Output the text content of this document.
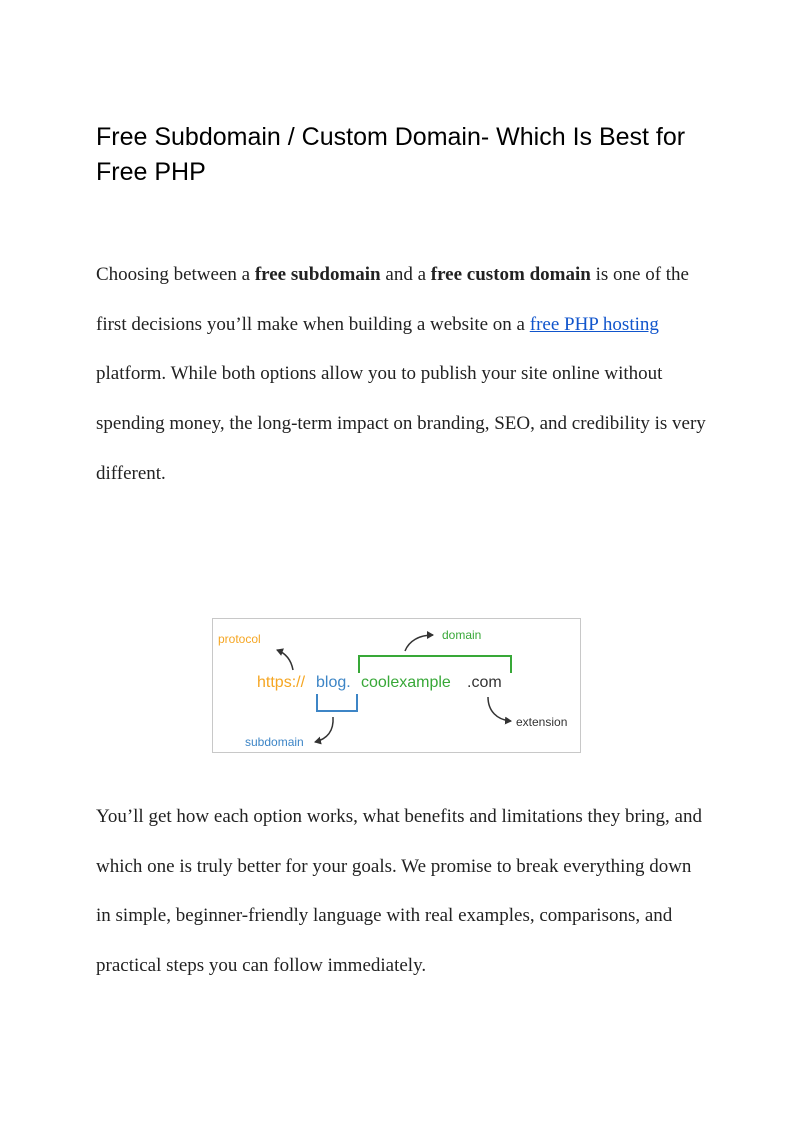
Free Subdomain / Custom Domain- Which Is Best for Free PHP

Choosing between a free subdomain and a free custom domain is one of the first decisions you’ll make when building a website on a free PHP hosting platform. While both options allow you to publish your site online without spending money, the long-term impact on branding, SEO, and credibility is very different.

protocol	domain
extension
subdomain
https:// blog. coolexample .com

You’ll get how each option works, what benefits and limitations they bring, and which one is truly better for your goals. We promise to break everything down in simple, beginner-friendly language with real examples, comparisons, and practical steps you can follow immediately.
